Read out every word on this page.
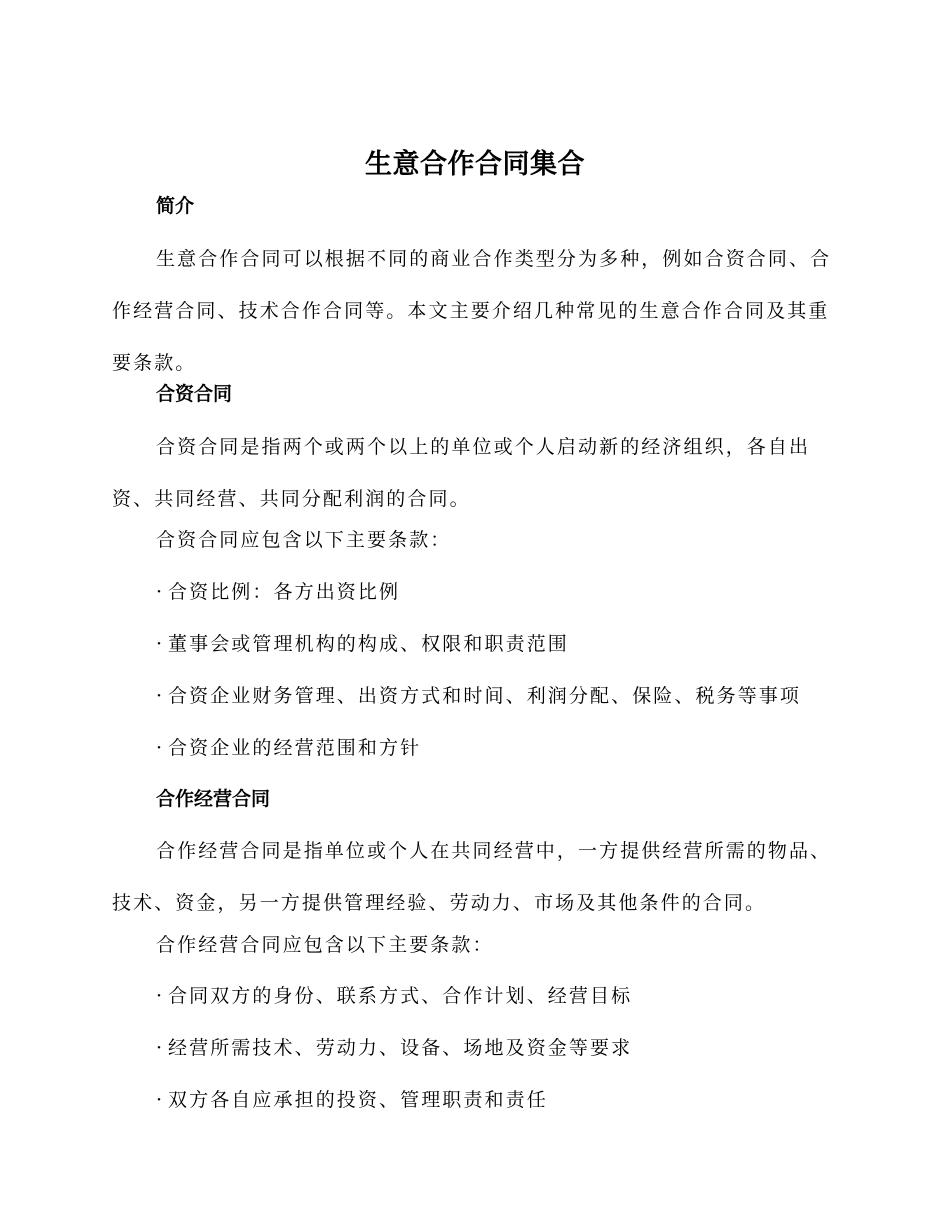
生意合作合同集合
简介

生意合作合同可以根据不同的商业合作类型分为多种，例如合资合同、合作经营合同、技术合作合同等。本文主要介绍几种常见的生意合作合同及其重要条款。

合资合同

合资合同是指两个或两个以上的单位或个人启动新的经济组织，各自出资、共同经营、共同分配利润的合同。

合资合同应包含以下主要条款：

· 合资比例：各方出资比例

· 董事会或管理机构的构成、权限和职责范围

· 合资企业财务管理、出资方式和时间、利润分配、保险、税务等事项

· 合资企业的经营范围和方针

合作经营合同

合作经营合同是指单位或个人在共同经营中，一方提供经营所需的物品、技术、资金，另一方提供管理经验、劳动力、市场及其他条件的合同。

合作经营合同应包含以下主要条款：

· 合同双方的身份、联系方式、合作计划、经营目标

· 经营所需技术、劳动力、设备、场地及资金等要求

· 双方各自应承担的投资、管理职责和责任
